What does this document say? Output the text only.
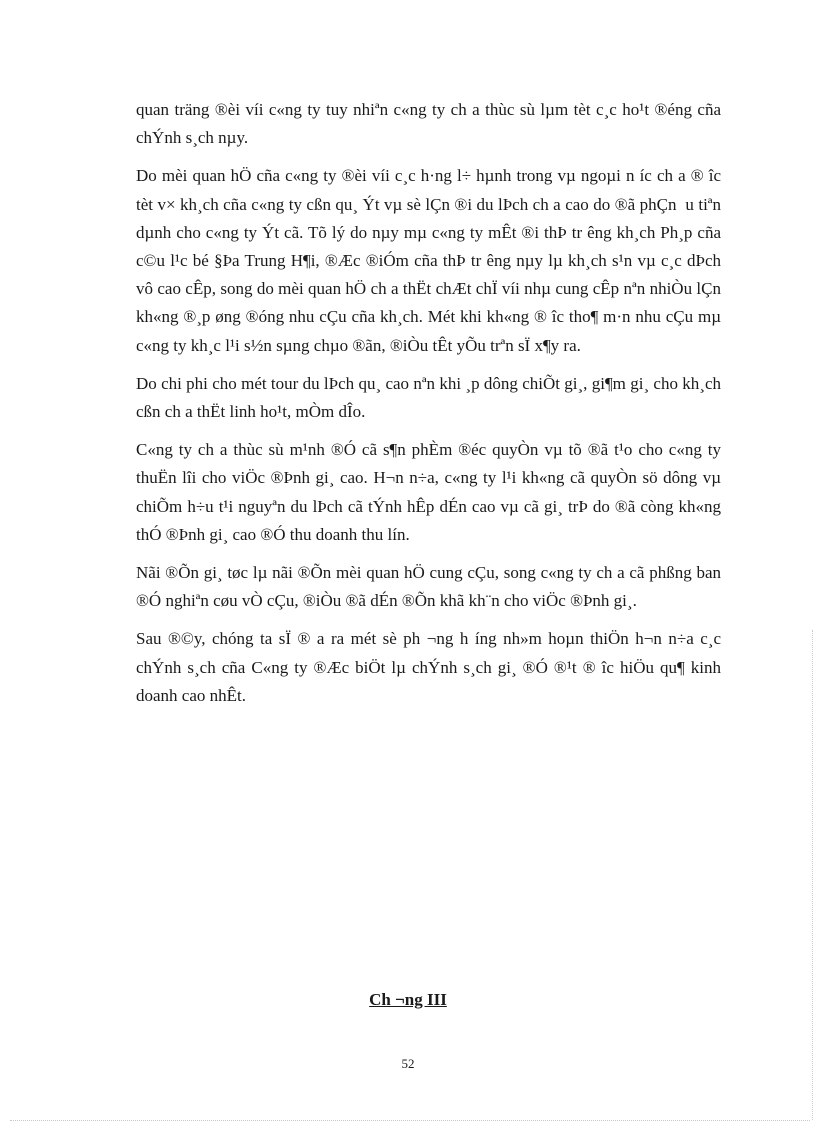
quan träng ®èi víi c«ng ty tuy nhiªn c«ng ty ch a thùc sù lµm tèt c¸c ho¹t ®éng cña chÝnh s¸ch nµy.

Do mèi quan hÖ cña c«ng ty ®èi víi c¸c h·ng l÷ hµnh trong vµ ngoµi n íc ch a ® îc tèt v× kh¸ch cña c«ng ty cßn qu¸ Ýt vµ sè lÇn ®i du lÞch ch a cao do ®ã phÇn  u tiªn dµnh cho c«ng ty Ýt cã. Tõ lý do nµy mµ c«ng ty mÊt ®i thÞ tr êng kh¸ch Ph¸p cña c©u l¹c bé §Þa Trung H¶i, ®Æc ®iÓm cña thÞ tr êng nµy lµ kh¸ch s¹n vµ c¸c dÞch vô cao cÊp, song do mèi quan hÖ ch a thËt chÆt chÏ víi nhµ cung cÊp nªn nhiÒu lÇn kh«ng ®¸p øng ®óng nhu cÇu cña kh¸ch. Mét khi kh«ng ® îc tho¶ m·n nhu cÇu mµ c«ng ty kh¸c l¹i s½n sµng chµo ®ãn, ®iÒu tÊt yÕu trªn sÏ x¶y ra.

Do chi phi cho mét tour du lÞch qu¸ cao nªn khi ¸p dông chiÕt gi¸, gi¶m gi¸ cho kh¸ch cßn ch a thËt linh ho¹t, mÒm dÎo.

C«ng ty ch a thùc sù m¹nh ®Ó cã s¶n phÈm ®éc quyÒn vµ tõ ®ã t¹o cho c«ng ty thuËn lîi cho viÖc ®Þnh gi¸ cao. H¬n n÷a, c«ng ty l¹i kh«ng cã quyÒn sö dông vµ chiÕm h÷u t¹i nguyªn du lÞch cã tÝnh hÊp dÉn cao vµ cã gi¸ trÞ do ®ã còng kh«ng thÓ ®Þnh gi¸ cao ®Ó thu doanh thu lín.

Nãi ®Õn gi¸ tøc lµ nãi ®Õn mèi quan hÖ cung cÇu, song c«ng ty ch a cã phßng ban ®Ó nghiªn cøu vÒ cÇu, ®iÒu ®ã dÉn ®Õn khã kh¨n cho viÖc ®Þnh gi¸.

Sau ®©y, chóng ta sÏ ® a ra mét sè ph ¬ng h íng nh»m hoµn thiÖn h¬n n÷a c¸c chÝnh s¸ch cña C«ng ty ®Æc biÖt lµ chÝnh s¸ch gi¸ ®Ó ®¹t ® îc hiÖu qu¶ kinh doanh cao nhÊt.

Ch ¬ng III
52
